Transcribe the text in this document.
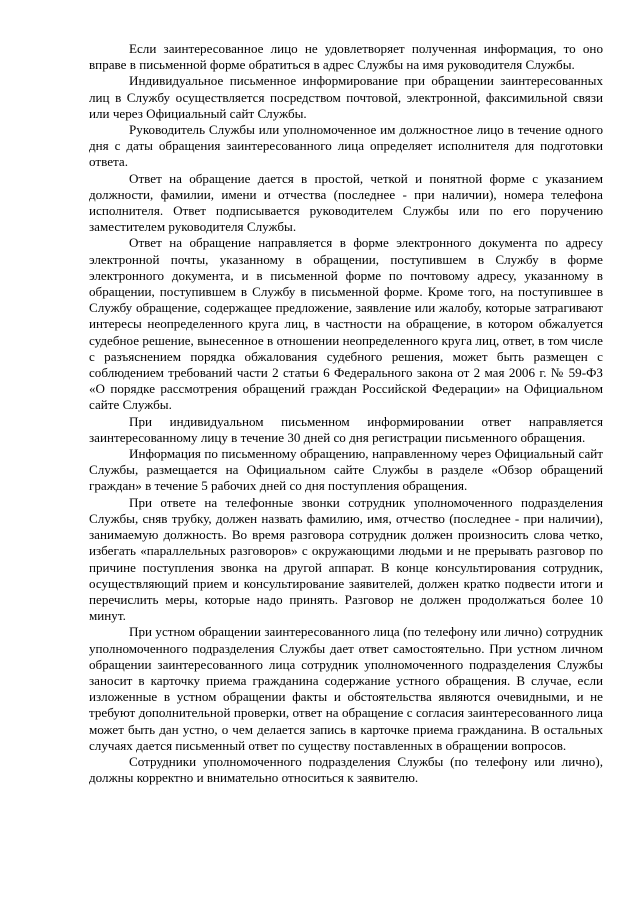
Если заинтересованное лицо не удовлетворяет полученная информация, то оно вправе в письменной форме обратиться в адрес Службы на имя руководителя Службы.

Индивидуальное письменное информирование при обращении заинтересованных лиц в Службу осуществляется посредством почтовой, электронной, факсимильной связи или через Официальный сайт Службы.

Руководитель Службы или уполномоченное им должностное лицо в течение одного дня с даты обращения заинтересованного лица определяет исполнителя для подготовки ответа.

Ответ на обращение дается в простой, четкой и понятной форме с указанием должности, фамилии, имени и отчества (последнее - при наличии), номера телефона исполнителя. Ответ подписывается руководителем Службы или по его поручению заместителем руководителя Службы.

Ответ на обращение направляется в форме электронного документа по адресу электронной почты, указанному в обращении, поступившем в Службу в форме электронного документа, и в письменной форме по почтовому адресу, указанному в обращении, поступившем в Службу в письменной форме. Кроме того, на поступившее в Службу обращение, содержащее предложение, заявление или жалобу, которые затрагивают интересы неопределенного круга лиц, в частности на обращение, в котором обжалуется судебное решение, вынесенное в отношении неопределенного круга лиц, ответ, в том числе с разъяснением порядка обжалования судебного решения, может быть размещен с соблюдением требований части 2 статьи 6 Федерального закона от 2 мая 2006 г. № 59-ФЗ «О порядке рассмотрения обращений граждан Российской Федерации» на Официальном сайте Службы.

При индивидуальном письменном информировании ответ направляется заинтересованному лицу в течение 30 дней со дня регистрации письменного обращения.

Информация по письменному обращению, направленному через Официальный сайт Службы, размещается на Официальном сайте Службы в разделе «Обзор обращений граждан» в течение 5 рабочих дней со дня поступления обращения.

При ответе на телефонные звонки сотрудник уполномоченного подразделения Службы, сняв трубку, должен назвать фамилию, имя, отчество (последнее - при наличии), занимаемую должность. Во время разговора сотрудник должен произносить слова четко, избегать «параллельных разговоров» с окружающими людьми и не прерывать разговор по причине поступления звонка на другой аппарат. В конце консультирования сотрудник, осуществляющий прием и консультирование заявителей, должен кратко подвести итоги и перечислить меры, которые надо принять. Разговор не должен продолжаться более 10 минут.

При устном обращении заинтересованного лица (по телефону или лично) сотрудник уполномоченного подразделения Службы дает ответ самостоятельно. При устном личном обращении заинтересованного лица сотрудник уполномоченного подразделения Службы заносит в карточку приема гражданина содержание устного обращения. В случае, если изложенные в устном обращении факты и обстоятельства являются очевидными, и не требуют дополнительной проверки, ответ на обращение с согласия заинтересованного лица может быть дан устно, о чем делается запись в карточке приема гражданина. В остальных случаях дается письменный ответ по существу поставленных в обращении вопросов.

Сотрудники уполномоченного подразделения Службы (по телефону или лично), должны корректно и внимательно относиться к заявителю.
